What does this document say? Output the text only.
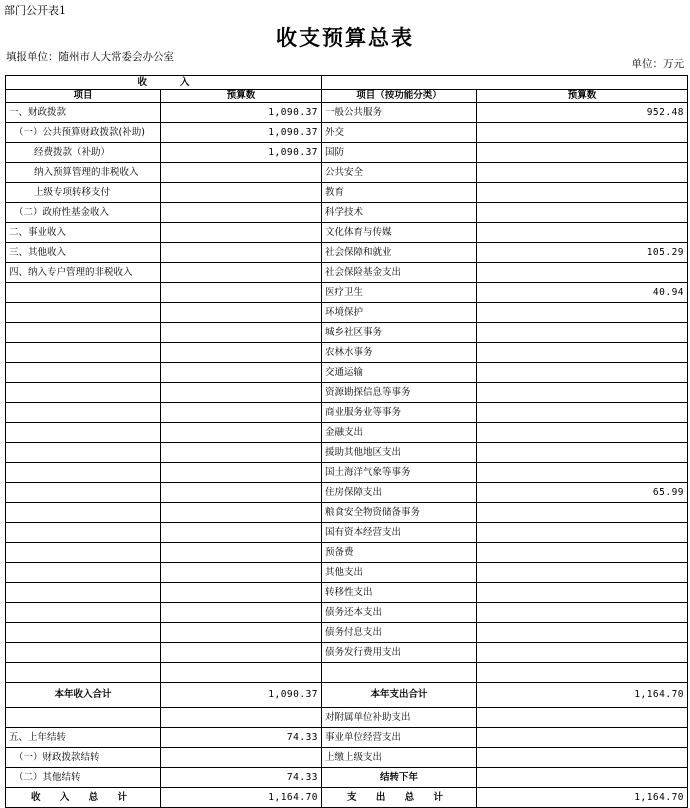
部门公开表1
收支预算总表
填报单位：随州市人大常委会办公室
单位：万元
收          入			
项目	预算数	项目（按功能分类）	预算数
一、财政拨款	1,090.37	一般公共服务	952.48
（一）公共预算财政拨款(补助)	1,090.37	外交	
经费拨款（补助）	1,090.37	国防	
纳入预算管理的非税收入		公共安全	
上级专项转移支付		教育	
（二）政府性基金收入		科学技术	
二、事业收入		文化体育与传媒	
三、其他收入		社会保障和就业	105.29
四、纳入专户管理的非税收入		社会保险基金支出	
		医疗卫生	40.94
		环境保护	
		城乡社区事务	
		农林水事务	
		交通运输	
		资源勘探信息等事务	
		商业服务业等事务	
		金融支出	
		援助其他地区支出	
		国土海洋气象等事务	
		住房保障支出	65.99
		粮食安全物资储备事务	
		国有资本经营支出	
		预备费	
		其他支出	
		转移性支出	
		债务还本支出	
		债务付息支出	
		债务发行费用支出	

本年收入合计	1,090.37	本年支出合计	1,164.70
		对附属单位补助支出	
五、上年结转	74.33	事业单位经营支出	
（一）财政拨款结转		上缴上级支出	
（二）其他结转	74.33	结转下年	
收 入 总 计	1,164.70	支 出 总 计	1,164.70
